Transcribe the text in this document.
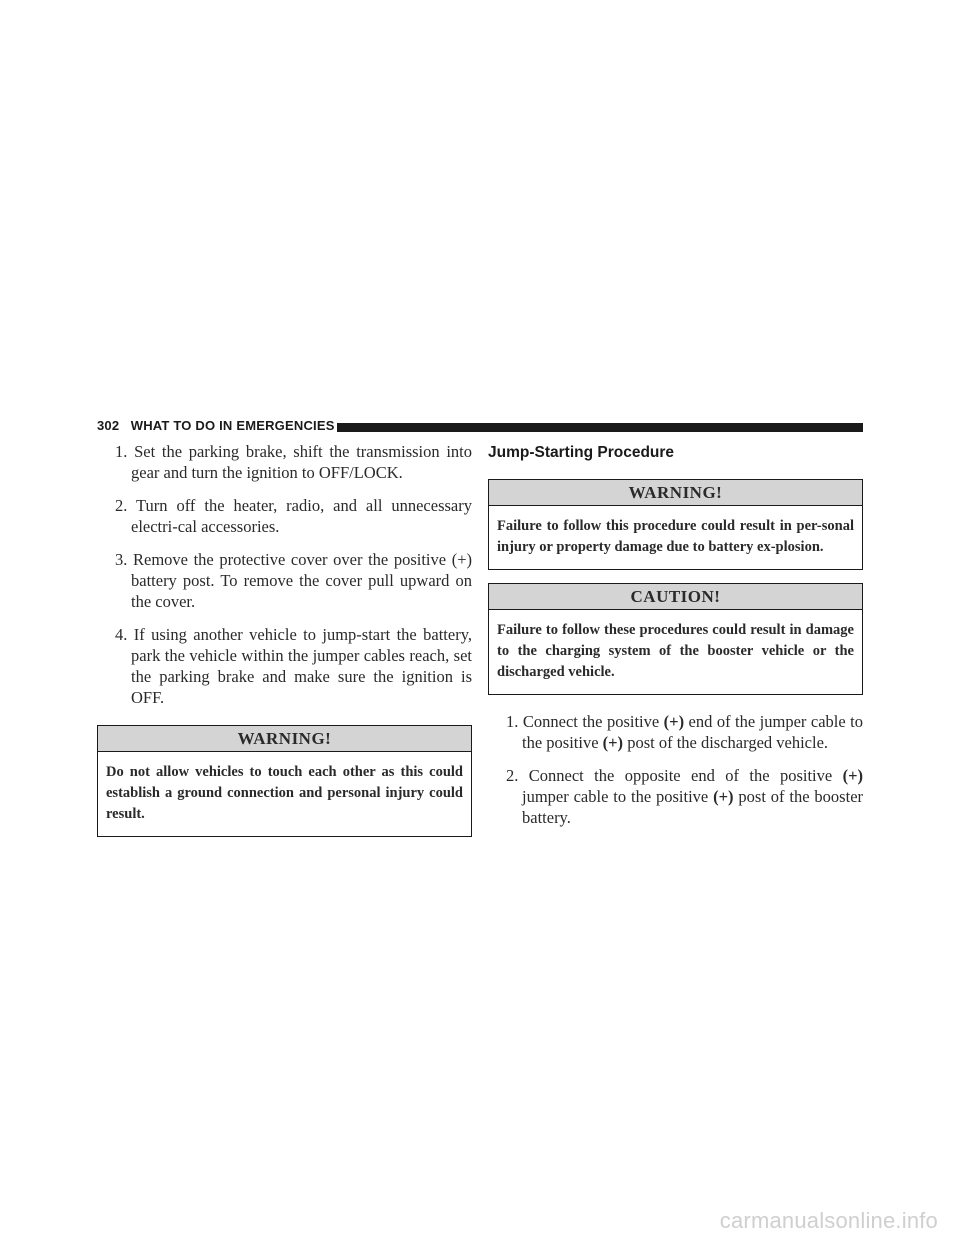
302 WHAT TO DO IN EMERGENCIES
1. Set the parking brake, shift the transmission into gear and turn the ignition to OFF/LOCK.
2. Turn off the heater, radio, and all unnecessary electri-cal accessories.
3. Remove the protective cover over the positive (+) battery post. To remove the cover pull upward on the cover.
4. If using another vehicle to jump-start the battery, park the vehicle within the jumper cables reach, set the parking brake and make sure the ignition is OFF.
WARNING!
Do not allow vehicles to touch each other as this could establish a ground connection and personal injury could result.
Jump-Starting Procedure
WARNING!
Failure to follow this procedure could result in per-sonal injury or property damage due to battery ex-plosion.
CAUTION!
Failure to follow these procedures could result in damage to the charging system of the booster vehicle or the discharged vehicle.
1. Connect the positive (+) end of the jumper cable to the positive (+) post of the discharged vehicle.
2. Connect the opposite end of the positive (+) jumper cable to the positive (+) post of the booster battery.
carmanualsonline.info
